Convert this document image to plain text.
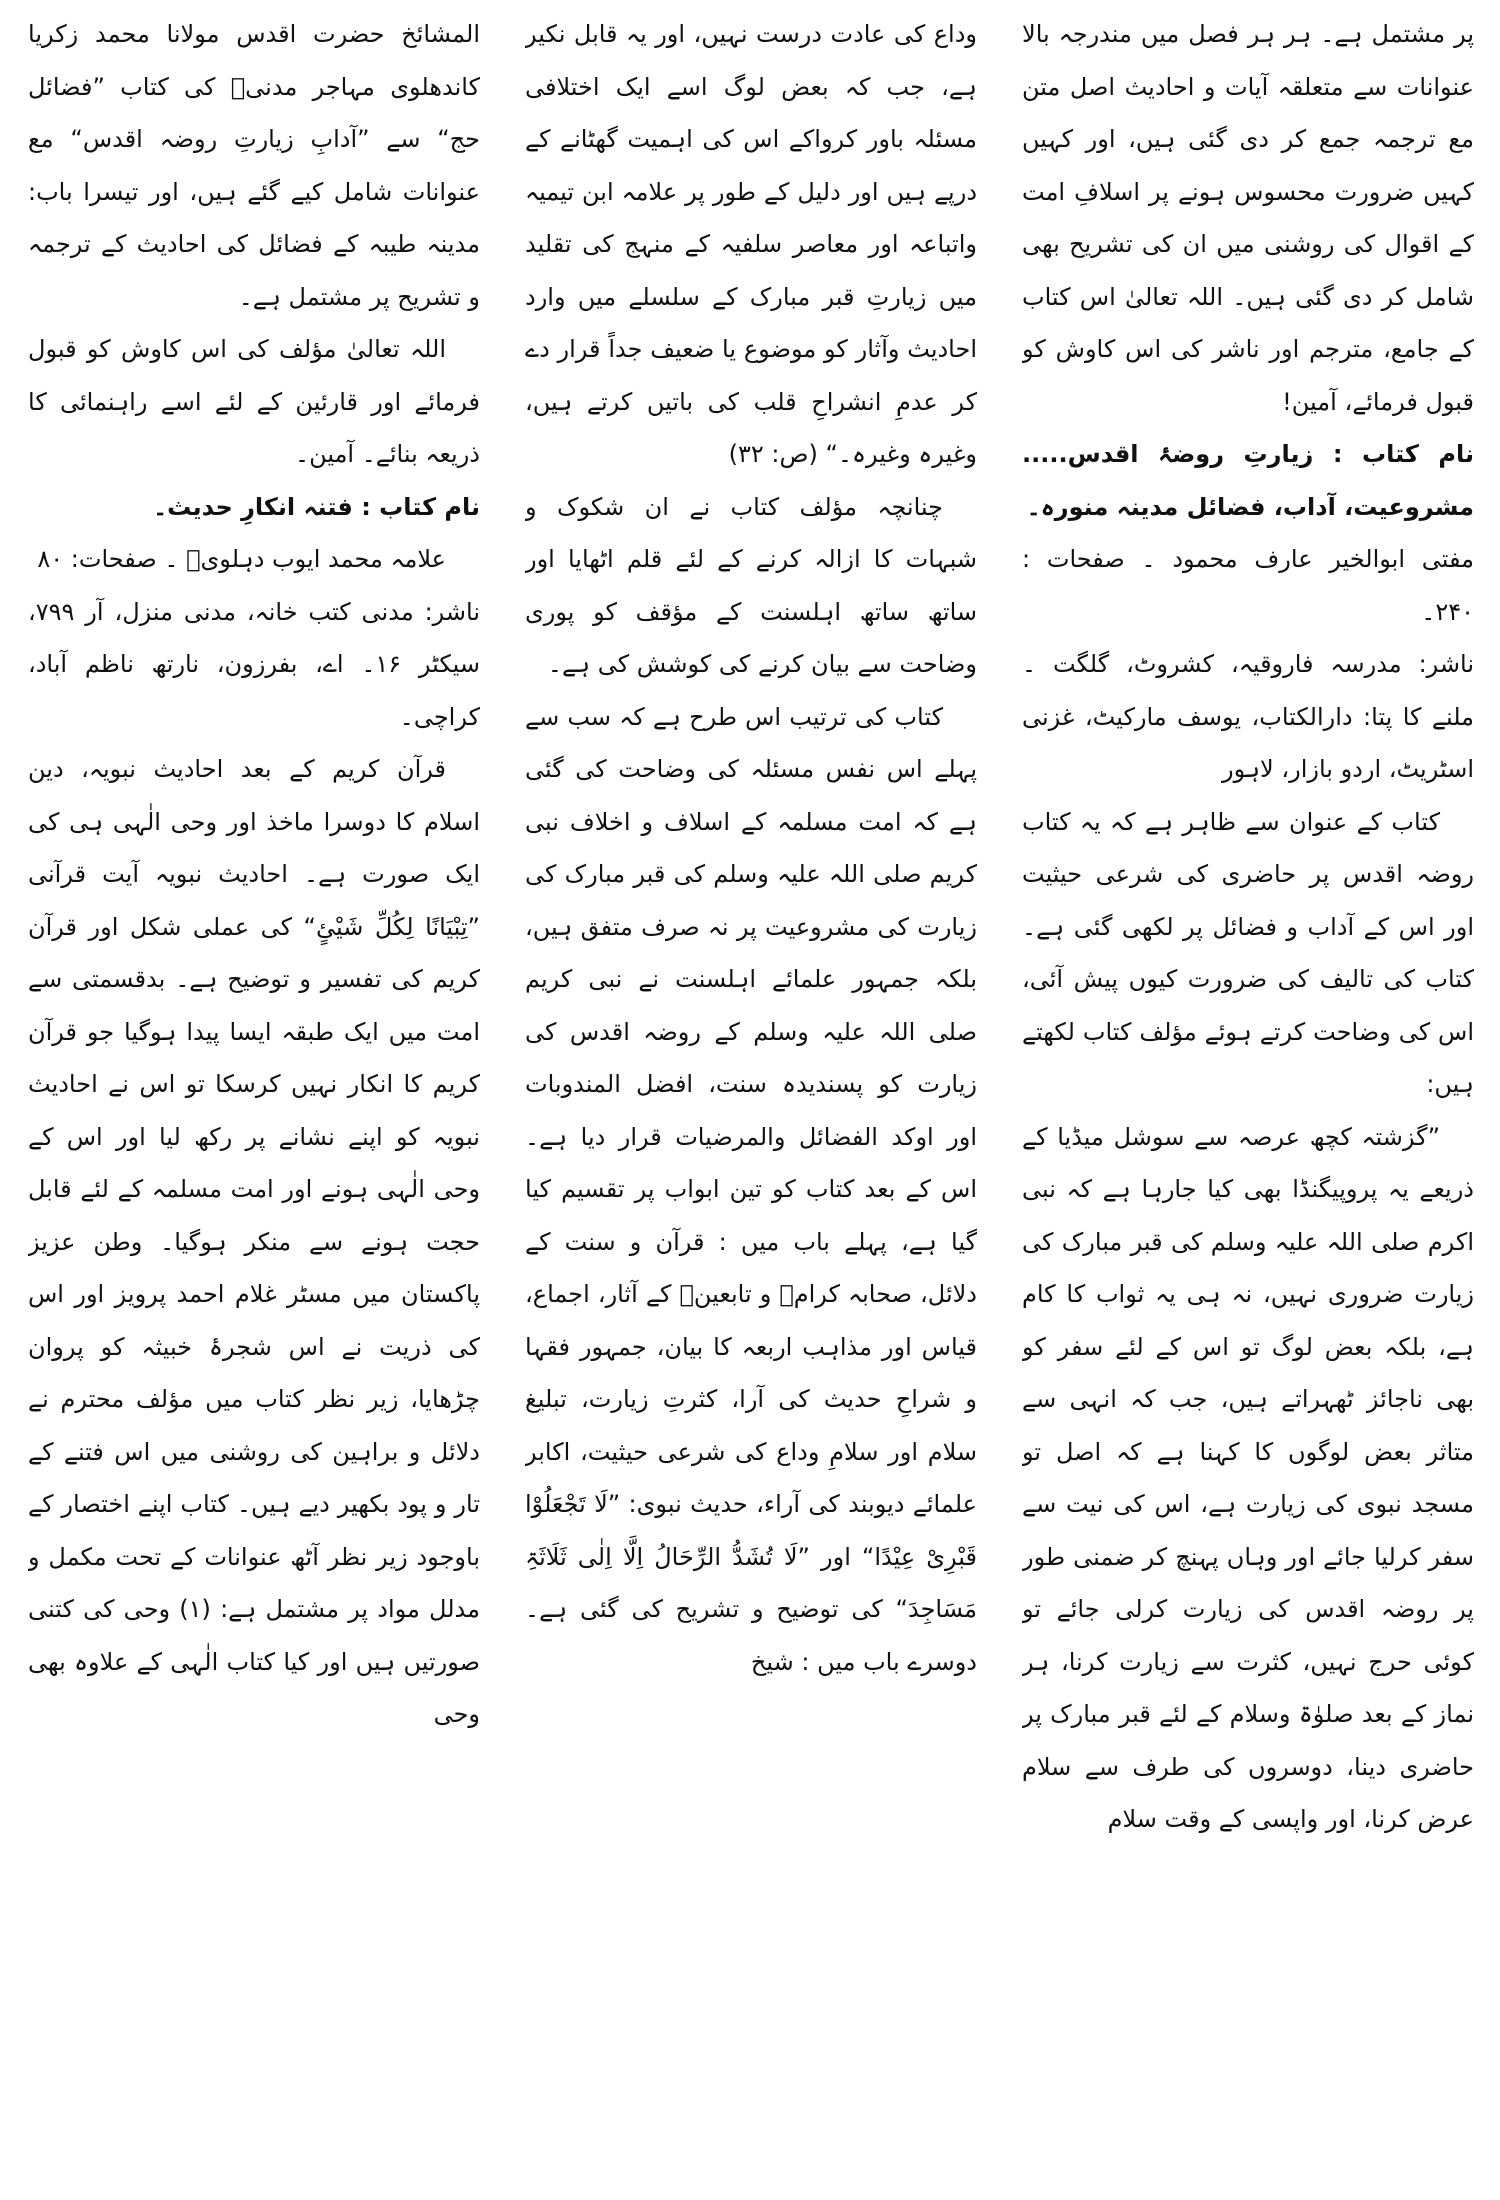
پر مشتمل ہے۔ ہر ہر فصل میں مندرجہ بالا عنوانات سے متعلقہ آیات و احادیث اصل متن مع ترجمہ جمع کر دی گئی ہیں، اور کہیں کہیں ضرورت محسوس ہونے پر اسلافِ امت کے اقوال کی روشنی میں ان کی تشریح بھی شامل کر دی گئی ہیں۔ اللہ تعالیٰ اس کتاب کے جامع، مترجم اور ناشر کی اس کاوش کو قبول فرمائے، آمین!

نام کتاب : زیارتِ روضۂ اقدس..... مشروعیت، آداب، فضائل مدینہ منورہ۔

مفتی ابوالخیر عارف محمود ۔ صفحات : ۲۴۰۔

ناشر: مدرسہ فاروقیہ، کشروٹ، گلگت ۔ ملنے کا پتا: دارالکتاب، یوسف مارکیٹ، غزنی اسٹریٹ، اردو بازار، لاہور

کتاب کے عنوان سے ظاہر ہے کہ یہ کتاب روضہ اقدس پر حاضری کی شرعی حیثیت اور اس کے آداب و فضائل پر لکھی گئی ہے۔ کتاب کی تالیف کی ضرورت کیوں پیش آئی، اس کی وضاحت کرتے ہوئے مؤلف کتاب لکھتے ہیں:

”گزشتہ کچھ عرصہ سے سوشل میڈیا کے ذریعے یہ پروپیگنڈا بھی کیا جارہا ہے کہ نبی اکرم صلی اللہ علیہ وسلم کی قبر مبارک کی زیارت ضروری نہیں، نہ ہی یہ ثواب کا کام ہے، بلکہ بعض لوگ تو اس کے لئے سفر کو بھی ناجائز ٹھہراتے ہیں، جب کہ انہی سے متاثر بعض لوگوں کا کہنا ہے کہ اصل تو مسجد نبوی کی زیارت ہے، اس کی نیت سے سفر کرلیا جائے اور وہاں پہنچ کر ضمنی طور پر روضہ اقدس کی زیارت کرلی جائے تو کوئی حرج نہیں، کثرت سے زیارت کرنا، ہر نماز کے بعد صلوٰۃ وسلام کے لئے قبر مبارک پر حاضری دینا، دوسروں کی طرف سے سلام عرض کرنا، اور واپسی کے وقت سلام

وداع کی عادت درست نہیں، اور یہ قابل نکیر ہے، جب کہ بعض لوگ اسے ایک اختلافی مسئلہ باور کرواکے اس کی اہمیت گھٹانے کے درپے ہیں اور دلیل کے طور پر علامہ ابن تیمیہ واتباعہ اور معاصر سلفیہ کے منہج کی تقلید میں زیارتِ قبر مبارک کے سلسلے میں وارد احادیث وآثار کو موضوع یا ضعیف جداً قرار دے کر عدمِ انشراحِ قلب کی باتیں کرتے ہیں، وغیرہ وغیرہ۔“ (ص: ۳۲)

چنانچہ مؤلف کتاب نے ان شکوک و شبہات کا ازالہ کرنے کے لئے قلم اٹھایا اور ساتھ ساتھ اہلسنت کے مؤقف کو پوری وضاحت سے بیان کرنے کی کوشش کی ہے۔

کتاب کی ترتیب اس طرح ہے کہ سب سے پہلے اس نفس مسئلہ کی وضاحت کی گئی ہے کہ امت مسلمہ کے اسلاف و اخلاف نبی کریم صلی اللہ علیہ وسلم کی قبر مبارک کی زیارت کی مشروعیت پر نہ صرف متفق ہیں، بلکہ جمہور علمائے اہلسنت نے نبی کریم صلی اللہ علیہ وسلم کے روضہ اقدس کی زیارت کو پسندیدہ سنت، افضل المندوبات اور اوکد الفضائل والمرضیات قرار دیا ہے۔ اس کے بعد کتاب کو تین ابواب پر تقسیم کیا گیا ہے، پہلے باب میں : قرآن و سنت کے دلائل، صحابہ کرامؓ و تابعینؒ کے آثار، اجماع، قیاس اور مذاہب اربعہ کا بیان، جمہور فقہا و شراحِ حدیث کی آرا، کثرتِ زیارت، تبلیغ سلام اور سلامِ وداع کی شرعی حیثیت، اکابر علمائے دیوبند کی آراء، حدیث نبوی: ”لَا تَجْعَلُوْا قَبْرِیْ عِیْدًا“ اور ”لَا تُشَدُّ الرِّحَالُ اِلَّا اِلٰی ثَلَاثَۃِ مَسَاجِدَ“ کی توضیح و تشریح کی گئی ہے۔ دوسرے باب میں : شیخ

المشائخ حضرت اقدس مولانا محمد زکریا کاندھلوی مہاجر مدنیؒ کی کتاب ”فضائل حج“ سے ”آدابِ زیارتِ روضہ اقدس“ مع عنوانات شامل کیے گئے ہیں، اور تیسرا باب: مدینہ طیبہ کے فضائل کی احادیث کے ترجمہ و تشریح پر مشتمل ہے۔

اللہ تعالیٰ مؤلف کی اس کاوش کو قبول فرمائے اور قارئین کے لئے اسے راہنمائی کا ذریعہ بنائے۔ آمین۔

نام کتاب : فتنہ انکارِ حدیث۔

علامہ محمد ایوب دہلویؒ ۔ صفحات: ۸۰

ناشر: مدنی کتب خانہ، مدنی منزل، آر ۷۹۹، سیکٹر ۱۶۔ اے، بفرزون، نارتھ ناظم آباد، کراچی۔

قرآن کریم کے بعد احادیث نبویہ، دین اسلام کا دوسرا ماخذ اور وحی الٰہی ہی کی ایک صورت ہے۔ احادیث نبویہ آیت قرآنی ”تِبْیَانًا لِکُلِّ شَیْئٍ“ کی عملی شکل اور قرآن کریم کی تفسیر و توضیح ہے۔ بدقسمتی سے امت میں ایک طبقہ ایسا پیدا ہوگیا جو قرآن کریم کا انکار نہیں کرسکا تو اس نے احادیث نبویہ کو اپنے نشانے پر رکھ لیا اور اس کے وحی الٰہی ہونے اور امت مسلمہ کے لئے قابل حجت ہونے سے منکر ہوگیا۔ وطن عزیز پاکستان میں مسٹر غلام احمد پرویز اور اس کی ذریت نے اس شجرۂ خبیثہ کو پروان چڑھایا، زیر نظر کتاب میں مؤلف محترم نے دلائل و براہین کی روشنی میں اس فتنے کے تار و پود بکھیر دیے ہیں۔ کتاب اپنے اختصار کے باوجود زیر نظر آٹھ عنوانات کے تحت مکمل و مدلل مواد پر مشتمل ہے: (۱) وحی کی کتنی صورتیں ہیں اور کیا کتاب الٰہی کے علاوہ بھی وحی
